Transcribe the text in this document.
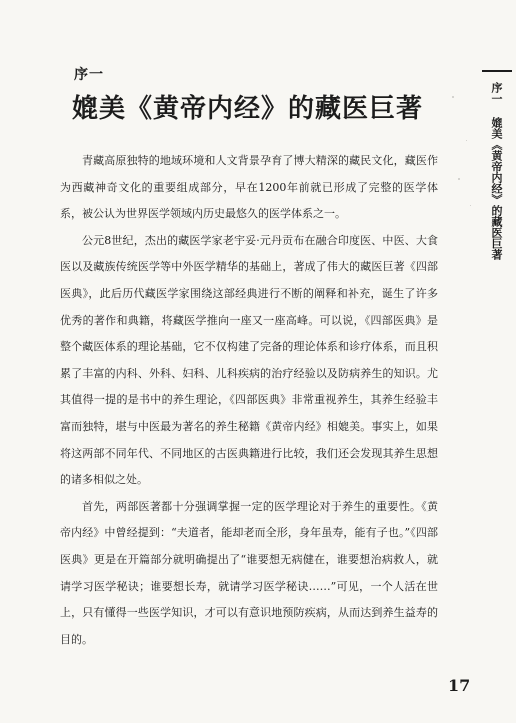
序一
媲美《黄帝内经》的藏医巨著

青藏高原独特的地域环境和人文背景孕育了博大精深的藏民文化，藏医作为西藏神奇文化的重要组成部分，早在1200年前就已形成了完整的医学体系，被公认为世界医学领域内历史最悠久的医学体系之一。

公元8世纪，杰出的藏医学家老宇妥·元丹贡布在融合印度医、中医、大食医以及藏族传统医学等中外医学精华的基础上，著成了伟大的藏医巨著《四部医典》，此后历代藏医学家围绕这部经典进行不断的阐释和补充，诞生了许多优秀的著作和典籍，将藏医学推向一座又一座高峰。可以说，《四部医典》是整个藏医体系的理论基础，它不仅构建了完备的理论体系和诊疗体系，而且积累了丰富的内科、外科、妇科、儿科疾病的治疗经验以及防病养生的知识。尤其值得一提的是书中的养生理论，《四部医典》非常重视养生，其养生经验丰富而独特，堪与中医最为著名的养生秘籍《黄帝内经》相媲美。事实上，如果将这两部不同年代、不同地区的古医典籍进行比较，我们还会发现其养生思想的诸多相似之处。

首先，两部医著都十分强调掌握一定的医学理论对于养生的重要性。《黄帝内经》中曾经提到：“夫道者，能却老而全形，身年虽寿，能有子也。”《四部医典》更是在开篇部分就明确提出了“谁要想无病健在，谁要想治病救人，就请学习医学秘诀；谁要想长寿，就请学习医学秘诀……”可见，一个人活在世上，只有懂得一些医学知识，才可以有意识地预防疾病，从而达到养生益寿的目的。

序一 媲美《黄帝内经》的藏医巨著
17
